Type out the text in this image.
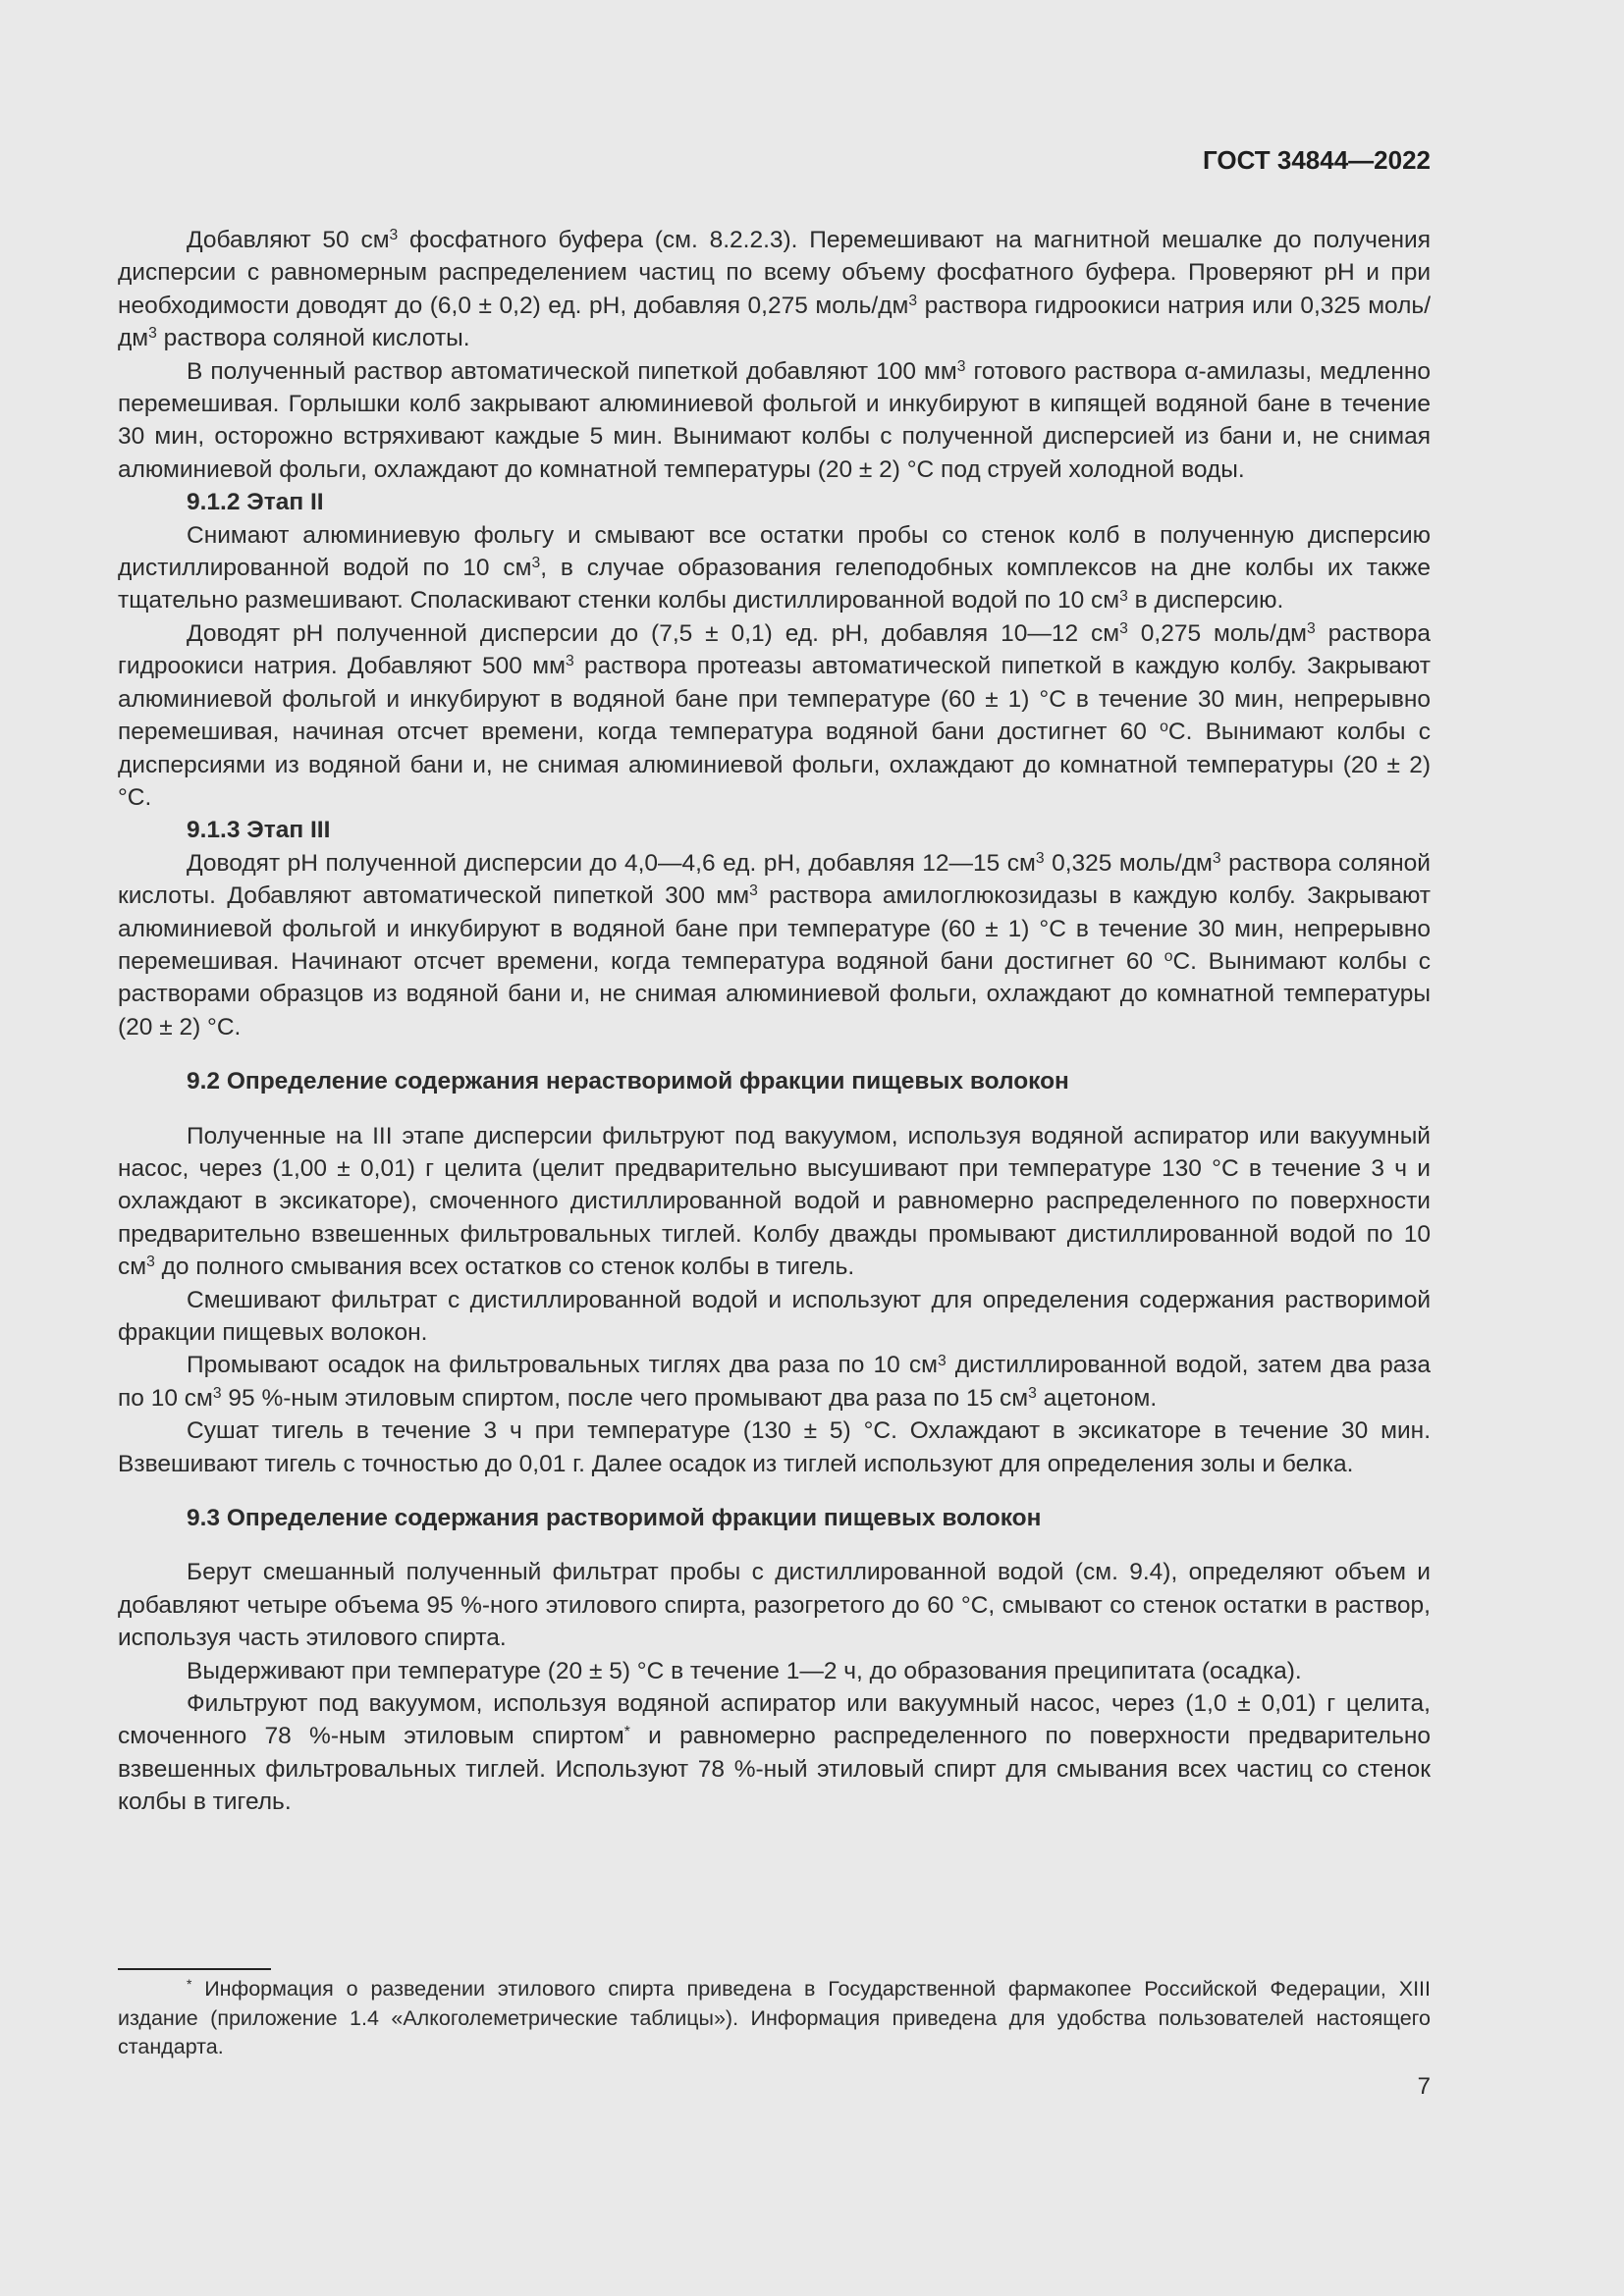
ГОСТ 34844—2022

Добавляют 50 $см^3$ фосфатного буфера (см. 8.2.2.3). Перемешивают на магнитной мешалке до получения дисперсии с равномерным распределением частиц по всему объему фосфатного буфера. Проверяют pH и при необходимости доводят до (6,0 ± 0,2) ед. pH, добавляя 0,275 моль/$дм^3$ раствора гидроокиси натрия или 0,325 моль/$дм^3$ раствора соляной кислоты.

В полученный раствор автоматической пипеткой добавляют 100 $мм^3$ готового раствора α-амилазы, медленно перемешивая. Горлышки колб закрывают алюминиевой фольгой и инкубируют в кипящей водяной бане в течение 30 мин, осторожно встряхивают каждые 5 мин. Вынимают колбы с полученной дисперсией из бани и, не снимая алюминиевой фольги, охлаждают до комнатной температуры (20 ± 2) °C под струей холодной воды.

9.1.2 Этап II

Снимают алюминиевую фольгу и смывают все остатки пробы со стенок колб в полученную дисперсию дистиллированной водой по 10 $см^3$, в случае образования гелеподобных комплексов на дне колбы их также тщательно размешивают. Споласкивают стенки колбы дистиллированной водой по 10 $см^3$ в дисперсию.

Доводят pH полученной дисперсии до (7,5 ± 0,1) ед. pH, добавляя 10—12 $см^3$ 0,275 моль/$дм^3$ раствора гидроокиси натрия. Добавляют 500 $мм^3$ раствора протеазы автоматической пипеткой в каждую колбу. Закрывают алюминиевой фольгой и инкубируют в водяной бане при температуре (60 ± 1) °C в течение 30 мин, непрерывно перемешивая, начиная отсчет времени, когда температура водяной бани достигнет 60 $^о$C. Вынимают колбы с дисперсиями из водяной бани и, не снимая алюминиевой фольги, охлаждают до комнатной температуры (20 ± 2) °C.

9.1.3 Этап III

Доводят pH полученной дисперсии до 4,0—4,6 ед. pH, добавляя 12—15 $см^3$ 0,325 моль/$дм^3$ раствора соляной кислоты. Добавляют автоматической пипеткой 300 $мм^3$ раствора амилоглюкозидазы в каждую колбу. Закрывают алюминиевой фольгой и инкубируют в водяной бане при температуре (60 ± 1) °C в течение 30 мин, непрерывно перемешивая. Начинают отсчет времени, когда температура водяной бани достигнет 60 $^о$C. Вынимают колбы с растворами образцов из водяной бани и, не снимая алюминиевой фольги, охлаждают до комнатной температуры (20 ± 2) °C.

9.2 Определение содержания нерастворимой фракции пищевых волокон

Полученные на III этапе дисперсии фильтруют под вакуумом, используя водяной аспиратор или вакуумный насос, через (1,00 ± 0,01) г целита (целит предварительно высушивают при температуре 130 °C в течение 3 ч и охлаждают в эксикаторе), смоченного дистиллированной водой и равномерно распределенного по поверхности предварительно взвешенных фильтровальных тиглей. Колбу дважды промывают дистиллированной водой по 10 $см^3$ до полного смывания всех остатков со стенок колбы в тигель.

Смешивают фильтрат с дистиллированной водой и используют для определения содержания растворимой фракции пищевых волокон.

Промывают осадок на фильтровальных тиглях два раза по 10 $см^3$ дистиллированной водой, затем два раза по 10 $см^3$ 95 %-ным этиловым спиртом, после чего промывают два раза по 15 $см^3$ ацетоном.

Сушат тигель в течение 3 ч при температуре (130 ± 5) °C. Охлаждают в эксикаторе в течение 30 мин. Взвешивают тигель с точностью до 0,01 г. Далее осадок из тиглей используют для определения золы и белка.

9.3 Определение содержания растворимой фракции пищевых волокон

Берут смешанный полученный фильтрат пробы с дистиллированной водой (см. 9.4), определяют объем и добавляют четыре объема 95 %-ного этилового спирта, разогретого до 60 °C, смывают со стенок остатки в раствор, используя часть этилового спирта.

Выдерживают при температуре (20 ± 5) °C в течение 1—2 ч, до образования преципитата (осадка).

Фильтруют под вакуумом, используя водяной аспиратор или вакуумный насос, через (1,0 ± 0,01) г целита, смоченного 78 %-ным этиловым спиртом* и равномерно распределенного по поверхности предварительно взвешенных фильтровальных тиглей. Используют 78 %-ный этиловый спирт для смывания всех частиц со стенок колбы в тигель.

* Информация о разведении этилового спирта приведена в Государственной фармакопее Российской Федерации, XIII издание (приложение 1.4 «Алкоголеметрические таблицы»). Информация приведена для удобства пользователей настоящего стандарта.

7
